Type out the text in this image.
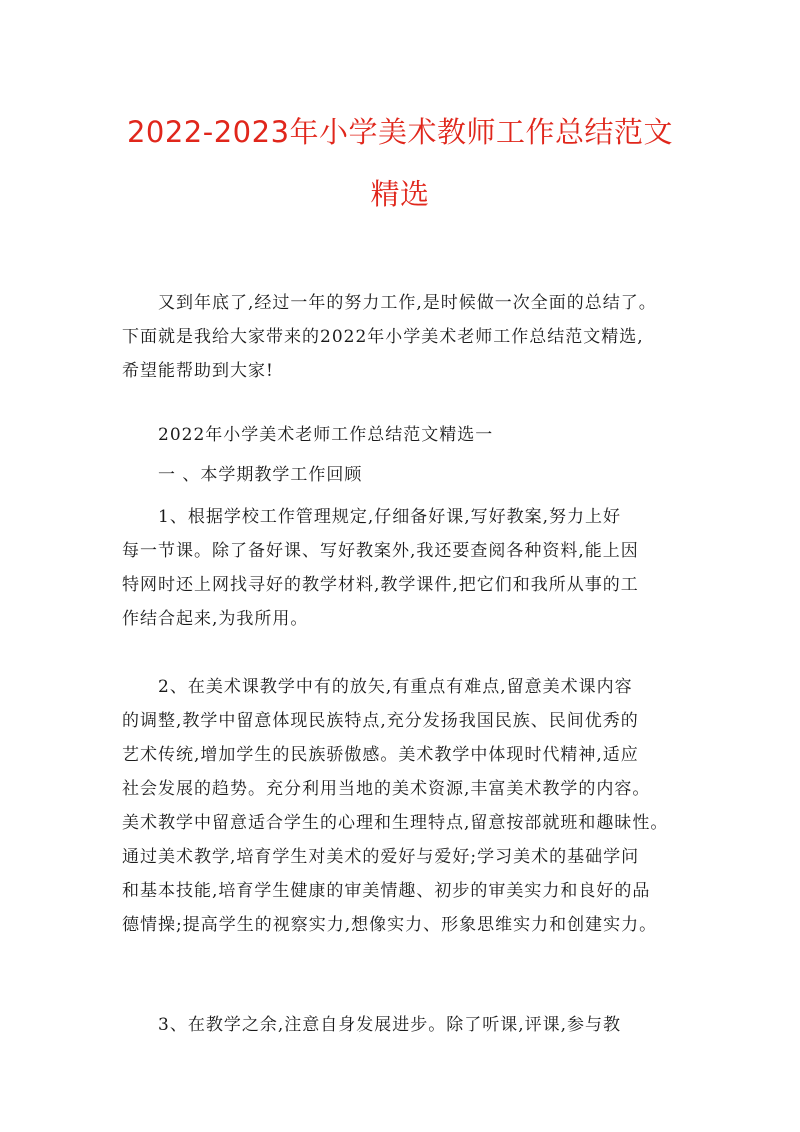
2022-2023年小学美术教师工作总结范文
精选
又到年底了,经过一年的努力工作,是时候做一次全面的总结了。
下面就是我给大家带来的2022年小学美术老师工作总结范文精选,
希望能帮助到大家!
2022年小学美术老师工作总结范文精选一
一 、本学期教学工作回顾
1、根据学校工作管理规定,仔细备好课,写好教案,努力上好
每一节课。除了备好课、写好教案外,我还要查阅各种资料,能上因
特网时还上网找寻好的教学材料,教学课件,把它们和我所从事的工
作结合起来,为我所用。
2、在美术课教学中有的放矢,有重点有难点,留意美术课内容
的调整,教学中留意体现民族特点,充分发扬我国民族、民间优秀的
艺术传统,增加学生的民族骄傲感。美术教学中体现时代精神,适应
社会发展的趋势。充分利用当地的美术资源,丰富美术教学的内容。
美术教学中留意适合学生的心理和生理特点,留意按部就班和趣昧性。
通过美术教学,培育学生对美术的爱好与爱好;学习美术的基础学问
和基本技能,培育学生健康的审美情趣、初步的审美实力和良好的品
德情操;提高学生的视察实力,想像实力、形象思维实力和创建实力。
3、在教学之余,注意自身发展进步。除了听课,评课,参与教
